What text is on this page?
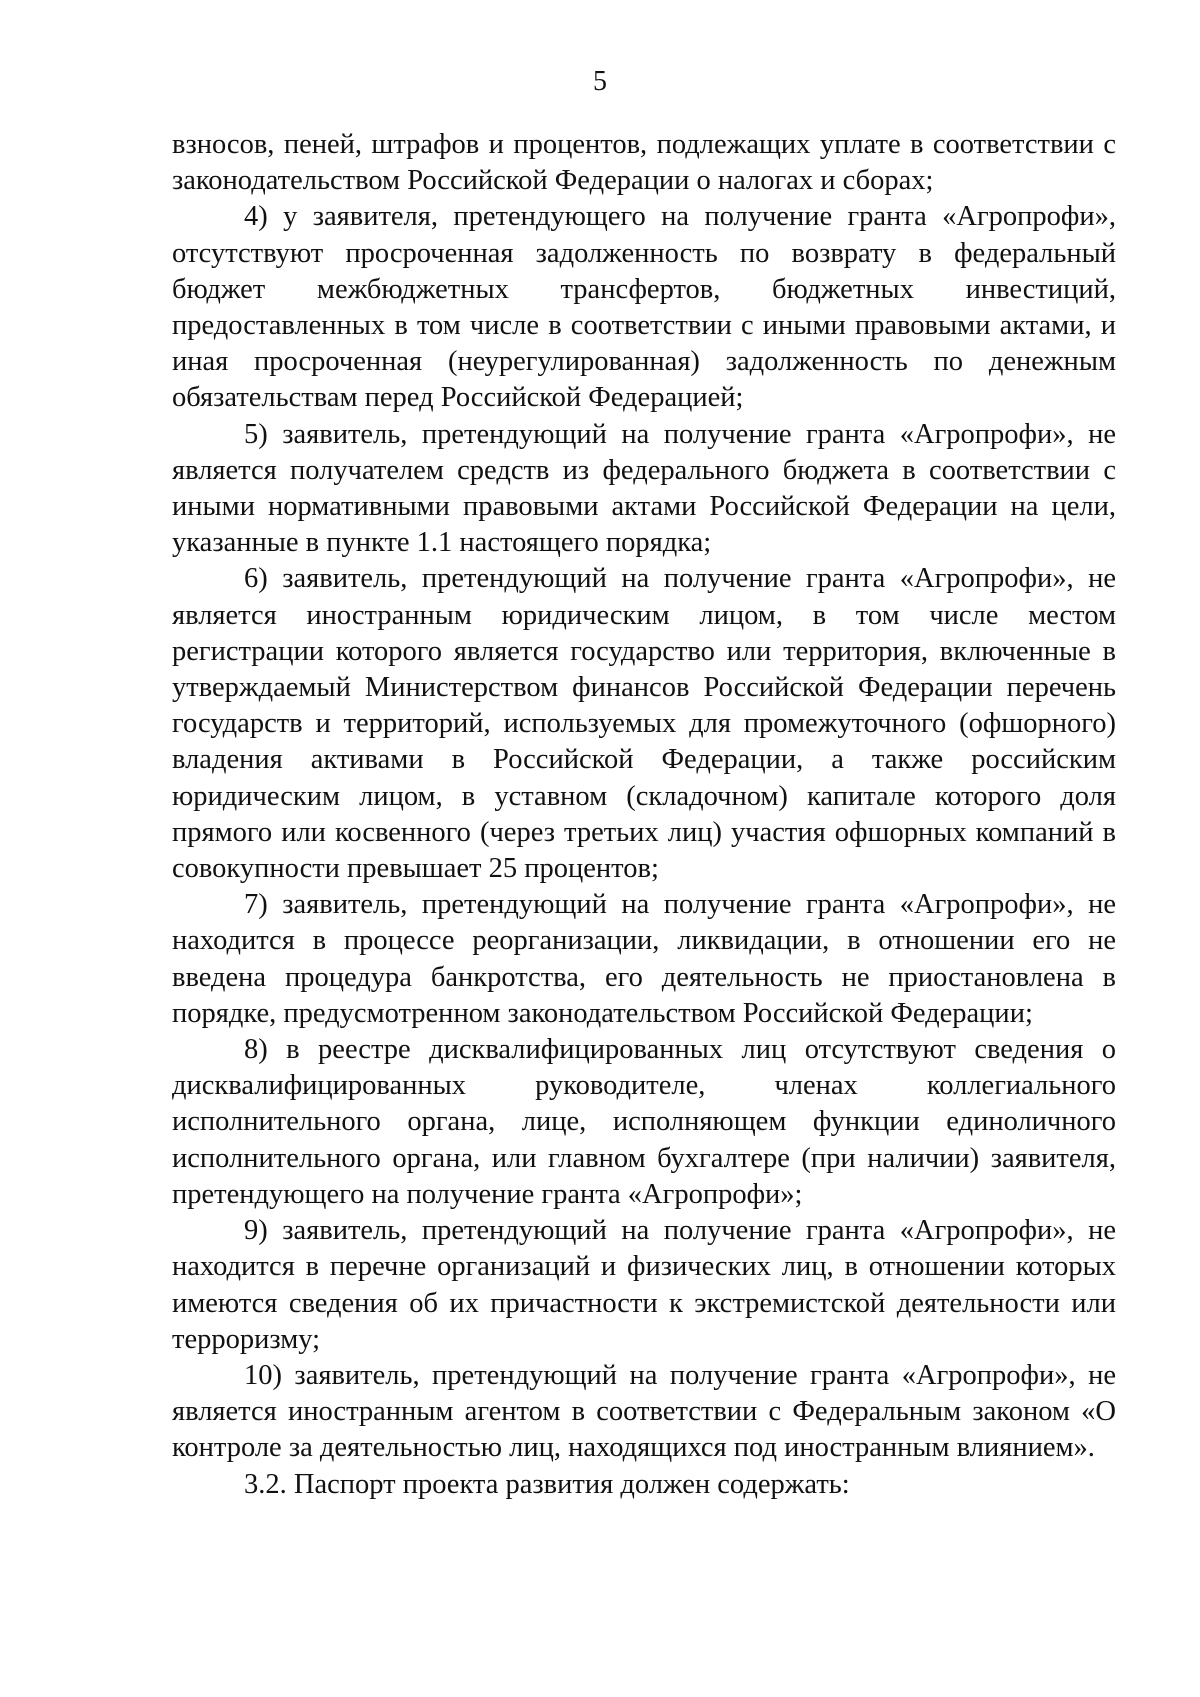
5

взносов, пеней, штрафов и процентов, подлежащих уплате в соответствии с законодательством Российской Федерации о налогах и сборах;

4) у заявителя, претендующего на получение гранта «Агропрофи», отсутствуют просроченная задолженность по возврату в федеральный бюджет межбюджетных трансфертов, бюджетных инвестиций, предоставленных в том числе в соответствии с иными правовыми актами, и иная просроченная (неурегулированная) задолженность по денежным обязательствам перед Российской Федерацией;

5) заявитель, претендующий на получение гранта «Агропрофи», не является получателем средств из федерального бюджета в соответствии с иными нормативными правовыми актами Российской Федерации на цели, указанные в пункте 1.1 настоящего порядка;

6) заявитель, претендующий на получение гранта «Агропрофи», не является иностранным юридическим лицом, в том числе местом регистрации которого является государство или территория, включенные в утверждаемый Министерством финансов Российской Федерации перечень государств и территорий, используемых для промежуточного (офшорного) владения активами в Российской Федерации, а также российским юридическим лицом, в уставном (складочном) капитале которого доля прямого или косвенного (через третьих лиц) участия офшорных компаний в совокупности превышает 25 процентов;

7) заявитель, претендующий на получение гранта «Агропрофи», не находится в процессе реорганизации, ликвидации, в отношении его не введена процедура банкротства, его деятельность не приостановлена в порядке, предусмотренном законодательством Российской Федерации;

8) в реестре дисквалифицированных лиц отсутствуют сведения о дисквалифицированных руководителе, членах коллегиального исполнительного органа, лице, исполняющем функции единоличного исполнительного органа, или главном бухгалтере (при наличии) заявителя, претендующего на получение гранта «Агропрофи»;

9) заявитель, претендующий на получение гранта «Агропрофи», не находится в перечне организаций и физических лиц, в отношении которых имеются сведения об их причастности к экстремистской деятельности или терроризму;

10) заявитель, претендующий на получение гранта «Агропрофи», не является иностранным агентом в соответствии с Федеральным законом «О контроле за деятельностью лиц, находящихся под иностранным влиянием».

3.2. Паспорт проекта развития должен содержать:
